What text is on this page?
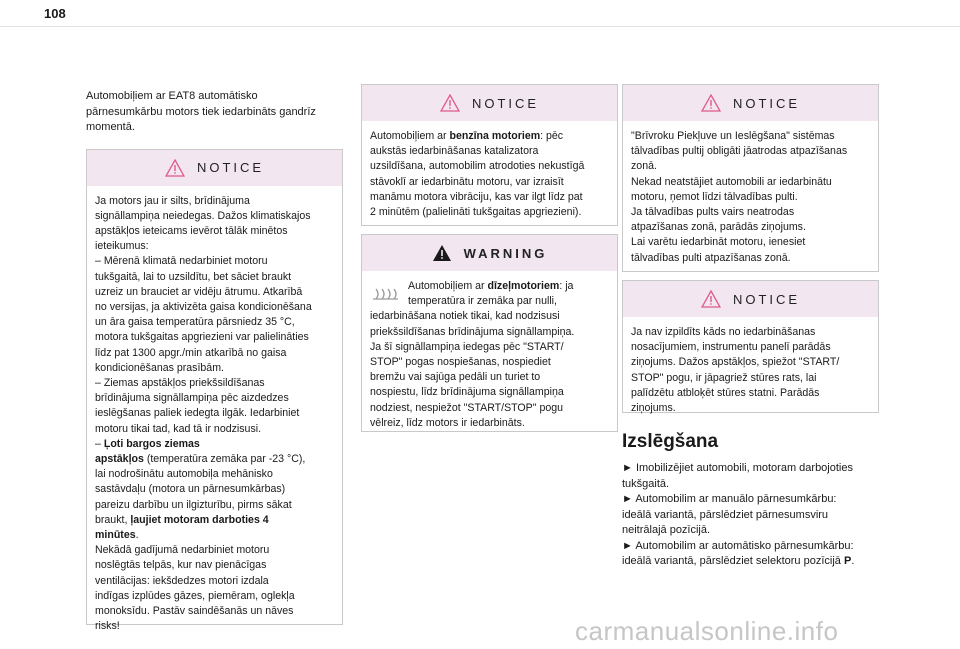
108
Automobiļiem ar EAT8 automātisko
pārnesumkārbu motors tiek iedarbināts gandrīz
momentā.
NOTICE

Ja motors jau ir silts, brīdinājuma
signāllampiņa neiedegas. Dažos klimatiskajos
apstākļos ieteicams ievērot tālāk minētos
ieteikumus:
– Mērenā klimatā nedarbiniet motoru
tukšgaitā, lai to uzsildītu, bet sāciet braukt
uzreiz un brauciet ar vidēju ātrumu. Atkarībā
no versijas, ja aktivizēta gaisa kondicionēšana
un āra gaisa temperatūra pārsniedz 35 °C,
motora tukšgaitas apgriezieni var palielināties
līdz pat 1300 apgr./min atkarībā no gaisa
kondicionēšanas prasībām.
– Ziemas apstākļos priekšsildīšanas
brīdinājuma signāllampiņa pēc aizdedzes
ieslēgšanas paliek iedegta ilgāk. Iedarbiniet
motoru tikai tad, kad tā ir nodzisusi.
– Ļoti bargos ziemas
apstākļos (temperatūra zemāka par -23 °C),
lai nodrošinātu automobiļa mehānisko
sastāvdaļu (motora un pārnesumkārbas)
pareizu darbību un ilgizturību, pirms sākat
braukt, ļaujiet motoram darboties 4
minūtes.
Nekādā gadījumā nedarbiniet motoru
noslēgtās telpās, kur nav pienācīgas
ventilācijas: iekšdedzes motori izdala
indīgas izplūdes gāzes, piemēram, oglekļa
monoksīdu. Pastāv saindēšanās un nāves
risks!

NOTICE

Automobiļiem ar benzīna motoriem: pēc
aukstās iedarbināšanas katalizatora
uzsildīšana, automobilim atrodoties nekustīgā
stāvoklī ar iedarbinātu motoru, var izraisīt
manāmu motora vibrāciju, kas var ilgt līdz pat
2 minūtēm (palielināti tukšgaitas apgriezieni).

WARNING

Automobiļiem ar dīzeļmotoriem: ja
temperatūra ir zemāka par nulli,
iedarbināšana notiek tikai, kad nodzisusi
priekšsildīšanas brīdinājuma signāllampiņa.
Ja šī signāllampiņa iedegas pēc "START/
STOP" pogas nospiešanas, nospiediet
bremžu vai sajūga pedāli un turiet to
nospiestu, līdz brīdinājuma signāllampiņa
nodziest, nespiežot "START/STOP" pogu
vēlreiz, līdz motors ir iedarbināts.

NOTICE

"Brīvroku Piekļuve un Ieslēgšana" sistēmas
tālvadības pultij obligāti jāatrodas atpazīšanas
zonā.
Nekad neatstājiet automobili ar iedarbinātu
motoru, ņemot līdzi tālvadības pulti.
Ja tālvadības pults vairs neatrodas
atpazīšanas zonā, parādās ziņojums.
Lai varētu iedarbināt motoru, ienesiet
tālvadības pulti atpazīšanas zonā.

NOTICE

Ja nav izpildīts kāds no iedarbināšanas
nosacījumiem, instrumentu panelī parādās
ziņojums. Dažos apstākļos, spiežot "START/
STOP" pogu, ir jāpagriež stūres rats, lai
palīdzētu atbloķēt stūres statni. Parādās
ziņojums.

Izslēgšana
► Imobilizējiet automobili, motoram darbojoties
tukšgaitā.
► Automobilim ar manuālo pārnesumkārbu:
ideālā variantā, pārslēdziet pārnesumsviru
neitrālajā pozīcijā.
► Automobilim ar automātisko pārnesumkārbu:
ideālā variantā, pārslēdziet selektoru pozīcijā P.
carmanualsonline.info
